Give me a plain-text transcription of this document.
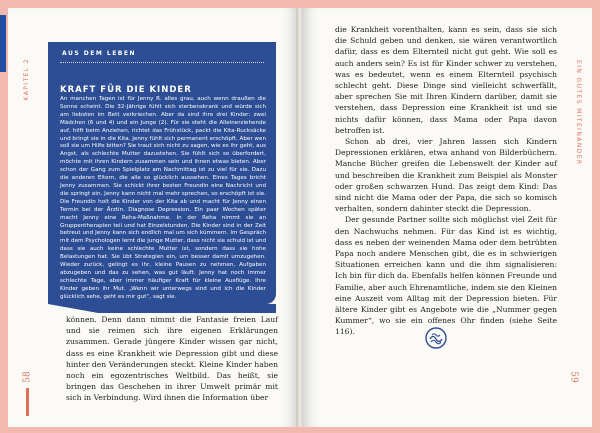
KAPITEL 2
AUS DEM LEBEN
KRAFT FÜR DIE KINDER
An manchen Tagen ist für Jenny R. alles grau, auch wenn draußen die Sonne scheint. Die 32-Jährige fühlt sich sterbenskrank und würde sich am liebsten im Bett verkriechen. Aber da sind ihre drei Kinder: zwei Mädchen (6 und 4) und ein Junge (2). Für sie steht die Alleinerziehende auf, hilft beim Anziehen, richtet das Frühstück, packt die Kita-Rucksäcke und bringt sie in die Kita. Jenny fühlt sich permanent erschöpft. Aber wen soll sie um Hilfe bitten? Sie traut sich nicht zu sagen, wie es ihr geht, aus Angst, als schlechte Mutter dazustehen. Sie fühlt sich so überfordert, möchte mit ihren Kindern zusammen sein und ihnen etwas bieten. Aber schon der Gang zum Spielplatz am Nachmittag ist zu viel für sie. Dazu die anderen Eltern, die alle so glücklich aussehen. Eines Tages bricht Jenny zusammen. Sie schickt ihrer besten Freundin eine Nachricht und die springt ein. Jenny kann nicht mal mehr sprechen, so erschöpft ist sie. Die Freundin holt die Kinder von der Kita ab und macht für Jenny einen Termin bei der Ärztin. Diagnose Depression. Ein paar Wochen später macht Jenny eine Reha-Maßnahme. In der Reha nimmt sie an Gruppentherapien teil und hat Einzelstunden. Die Kinder sind in der Zeit betreut und Jenny kann sich endlich mal um sich kümmern. Im Gespräch mit dem Psychologen lernt die junge Mutter, dass nicht sie schuld ist und dass sie auch keine schlechte Mutter ist, sondern dass sie hohe Belastungen hat. Sie übt Strategien ein, um besser damit umzugehen. Wieder zurück, gelingt es ihr, kleine Pausen zu nehmen, Aufgaben abzugeben und das zu sehen, was gut läuft. Jenny hat noch immer schlechte Tage, aber immer häufiger Kraft für kleine Ausflüge. Ihre Kinder geben ihr Mut. „Wenn wir unterwegs sind und ich die Kinder glücklich sehe, geht es mir gut“, sagt sie.
können. Denn dann nimmt die Fantasie freien Lauf und sie reimen sich ihre eigenen Erklärungen zusammen. Gerade jüngere Kinder wissen gar nicht, dass es eine Krankheit wie Depression gibt und diese hinter den Veränderungen steckt. Kleine Kinder haben noch ein egozentrisches Weltbild. Das heißt, sie bringen das Geschehen in ihrer Umwelt primär mit sich in Verbindung. Wird ihnen die Information über
58
die Krankheit vorenthalten, kann es sein, dass sie sich die Schuld geben und denken, sie wären verantwortlich dafür, dass es dem Elternteil nicht gut geht. Wie soll es auch anders sein? Es ist für Kinder schwer zu verstehen, was es bedeutet, wenn es einem Elternteil psychisch schlecht geht. Diese Dinge sind vielleicht schwerfällt, aber sprechen Sie mit Ihren Kindern darüber, damit sie verstehen, dass Depression eine Krankheit ist und sie nichts dafür können, dass Mama oder Papa davon betroffen ist.
Schon ab drei, vier Jahren lassen sich Kindern Depressionen erklären, etwa anhand von Bilderbüchern. Manche Bücher greifen die Lebenswelt der Kinder auf und beschreiben die Krankheit zum Beispiel als Monster oder großen schwarzen Hund. Das zeigt dem Kind: Das sind nicht die Mama oder der Papa, die sich so komisch verhalten, sondern dahinter steckt die Depression.
Der gesunde Partner sollte sich möglichst viel Zeit für den Nachwuchs nehmen. Für das Kind ist es wichtig, dass es neben der weinenden Mama oder dem betrübten Papa noch andere Menschen gibt, die es in schwierigen Situationen erreichen kann und die ihm signalisieren: Ich bin für dich da. Ebenfalls helfen können Freunde und Familie, aber auch Ehrenamtliche, indem sie den Kleinen eine Auszeit vom Alltag mit der Depression bieten. Für ältere Kinder gibt es Angebote wie die „Nummer gegen Kummer“, wo sie ein offenes Ohr finden (siehe Seite 116).
EIN GUTES MITEINANDER
59
